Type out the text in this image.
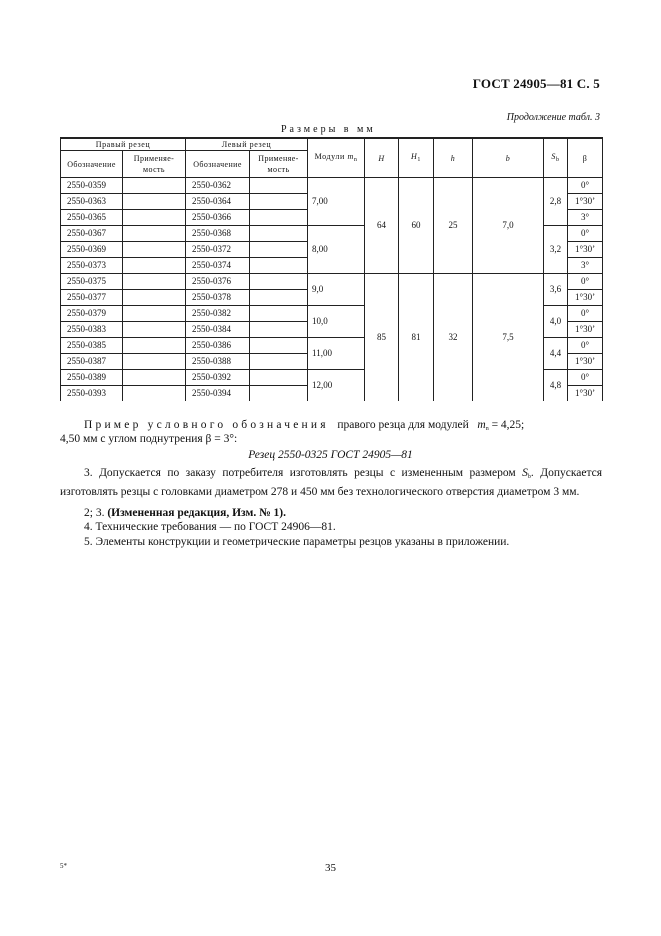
ГОСТ 24905—81 С. 5
Продолжение табл. 3
Размеры в мм
Правый резец		Левый резец		Модули $m_n$	H	$H_1$	h	b	$S_b$	β
Обозначение	Применяе- мость	Обозначение	Применяе- мость							
2550-0359		2550-0362		7,00	64	60	25	7,0	2,8	0°
2550-0363		2550-0364								1°30’
2550-0365		2550-0366								3°
2550-0367		2550-0368		8,00					3,2	0°
2550-0369		2550-0372								1°30’
2550-0373		2550-0374								3°
2550-0375		2550-0376		9,0	85	81	32	7,5	3,6	0°
2550-0377		2550-0378								1°30’
2550-0379		2550-0382		10,0					4,0	0°
2550-0383		2550-0384								1°30’
2550-0385		2550-0386		11,00					4,4	0°
2550-0387		2550-0388								1°30’
2550-0389		2550-0392		12,00					4,8	0°
2550-0393		2550-0394								1°30’
Пример условного обозначения правого резца для модулей $m_n = 4,25$;
4,50 мм с углом поднутрения β = 3°:
Резец 2550-0325 ГОСТ 24905—81
3. Допускается по заказу потребителя изготовлять резцы с измененным размером $S_b$. Допускается изготовлять резцы с головками диаметром 278 и 450 мм без технологического отверстия диаметром 3 мм.
2; 3. (Измененная редакция, Изм. № 1).
4. Технические требования — по ГОСТ 24906—81.
5. Элементы конструкции и геометрические параметры резцов указаны в приложении.
35
5*
